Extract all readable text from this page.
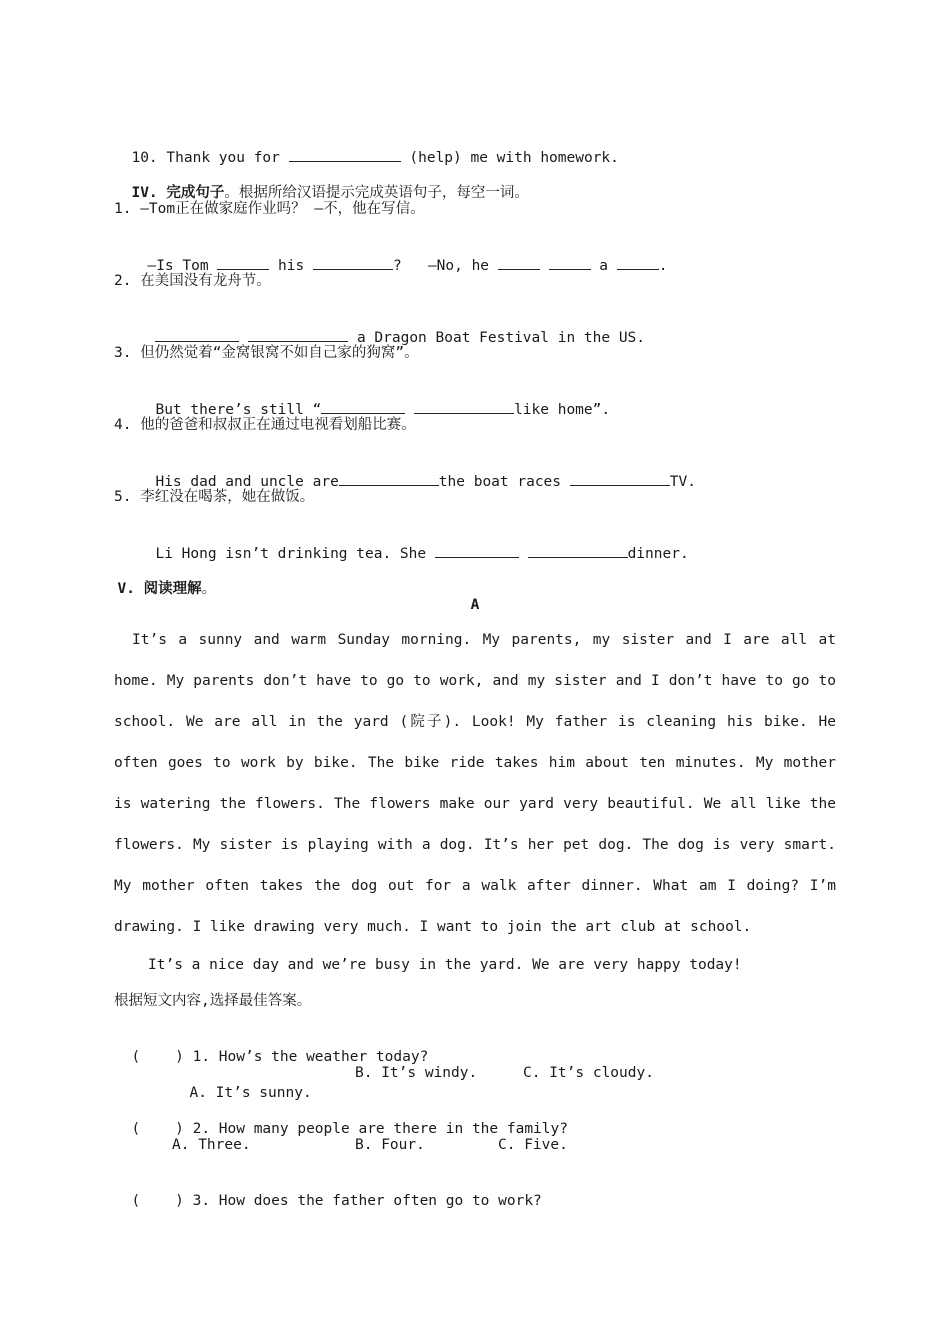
10. Thank you for	(help) me with homework.

IV. 完成句子。根据所给汉语提示完成英语句子，每空一词。

1. —Tom正在做家庭作业吗？ —不，他在写信。

—Is Tom	his	? —No, he	a	.

2. 在美国没有龙舟节。

a Dragon Boat Festival in the US.

3. 但仍然觉着“金窝银窝不如自己家的狗窝”。

But there’s still “	like home”.

4. 他的爸爸和叔叔正在通过电视看划船比赛。

His dad and uncle are	the boat races	TV.

5. 李红没在喝茶，她在做饭。

Li Hong isn’t drinking tea. She	dinner.

V. 阅读理解。

A
It’s a sunny and warm Sunday morning. My parents, my sister and I are all at home. My parents don’t have to go to work, and my sister and I don’t have to go to school. We are all in the yard (院子). Look! My father is cleaning his bike. He often goes to work by bike. The bike ride takes him about ten minutes. My mother is watering the flowers. The flowers make our yard very beautiful. We all like the flowers. My sister is playing with a dog. It’s her pet dog. The dog is very smart. My mother often takes the dog out for a walk after dinner. What am I doing? I’m drawing. I like drawing very much. I want to join the art club at school.
It’s a nice day and we’re busy in the yard. We are very happy today!
根据短文内容,选择最佳答案。

(    ) 1. How’s the weather today?

A. It’s sunny.

B. It’s windy.	C. It’s cloudy.

(    ) 2. How many people are there in the family?

A. Three.	B. Four.	C. Five.

(    ) 3. How does the father often go to work?
